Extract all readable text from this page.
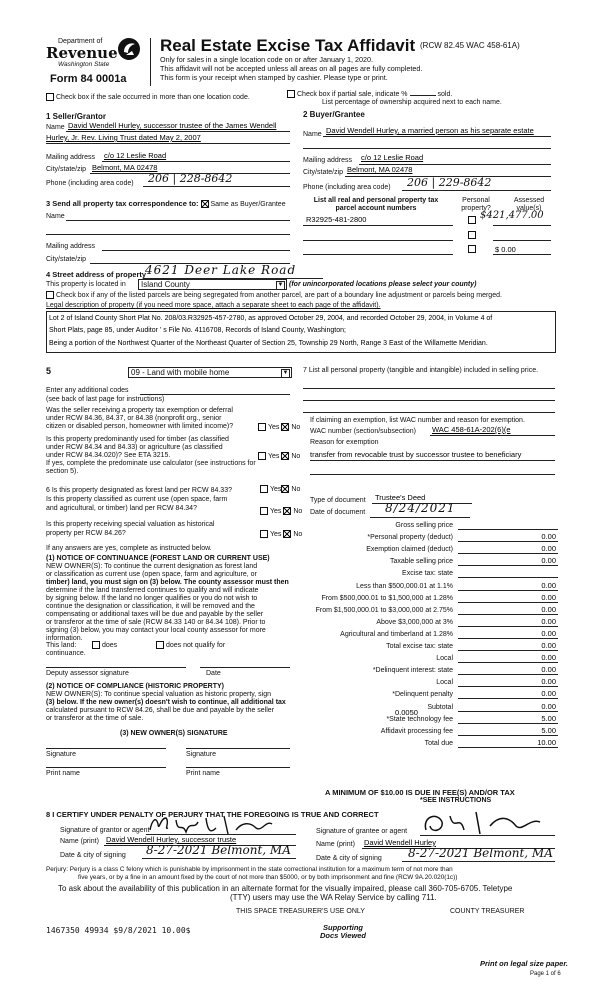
Department of
Revenue
Washington State
Form 84 0001a
Real Estate Excise Tax Affidavit (RCW 82.45 WAC 458-61A)
Only for sales in a single location code on or after January 1, 2020.
This affidavit will not be accepted unless all areas on all pages are fully completed.
This form is your receipt when stamped by cashier. Please type or print.
Check box if the sale occurred in more than one location code.	Check box if partial sale, indicate %	sold.
List percentage of ownership acquired next to each name.
1 Seller/Grantor
Name David Wendell Hurley, successor trustee of the James Wendell
Hurley, Jr. Rev. Living Trust dated May 2, 2007
Mailing address c/o 12 Leslie Road
City/state/zip Belmont, MA 02478
Phone (including area code) 206 | 228-8642
2 Buyer/Grantee
Name David Wendell Hurley, a married person as his separate estate
Mailing address c/o 12 Leslie Road
City/state/zip Belmont, MA 02478
Phone (including area code) 206 | 229-8642
3 Send all property tax correspondence to: Same as Buyer/Grantee
Name
Mailing address
City/state/zip
List all real and personal property tax parcel account numbers
Personal property?
Assessed value(s)
R32925-481-2800	$421,477.00
$ 0.00
4 Street address of property
4621 Deer Lake Road
This property is located in	Island County	▼ (for unincorporated locations please select your county)
Check box if any of the listed parcels are being segregated from another parcel, are part of a boundary line adjustment or parcels being merged.
Legal description of property (if you need more space, attach a separate sheet to each page of the affidavit).
Lot 2 of Island County Short Plat No. 208/03.R32925-457-2780, as approved October 29, 2004, and recorded October 29, 2004, in Volume 4 of
Short Plats, page 85, under Auditor ' s File No. 4116708, Records of Island County, Washington;
Being a portion of the Northwest Quarter of the Northeast Quarter of Section 25, Township 29 North, Range 3 East of the Willamette Meridian.
5	09 - Land with mobile home	▼
Enter any additional codes
(see back of last page for instructions)
Was the seller receiving a property tax exemption or deferral
under RCW 84.36, 84.37, or 84.38 (nonprofit org., senior
citizen or disabled person, homeowner with limited income)?	Yes No
Is this property predominantly used for timber (as classified
under RCW 84.34 and 84.33) or agriculture (as classified
under RCW 84.34.020)? See ETA 3215.	Yes No
If yes, complete the predominate use calculator (see instructions for
section 5).
6 Is this property designated as forest land per RCW 84.33?	Yes No
Is this property classified as current use (open space, farm
and agricultural, or timber) land per RCW 84.34?	Yes No
Is this property receiving special valuation as historical
property per RCW 84.26?	Yes No
If any answers are yes, complete as instructed below.
(1) NOTICE OF CONTINUANCE (FOREST LAND OR CURRENT USE)
NEW OWNER(S): To continue the current designation as forest land
or classification as current use (open space, farm and agriculture, or
timber) land, you must sign on (3) below. The county assessor must then
determine if the land transferred continues to qualify and will indicate
by signing below. If the land no longer qualifies or you do not wish to
continue the designation or classification, it will be removed and the
compensating or additional taxes will be due and payable by the seller
or transferor at the time of sale (RCW 84.33 140 or 84.34 108). Prior to
signing (3) below, you may contact your local county assessor for more
information.
This land:	does	does not qualify for
continuance.
Deputy assessor signature	Date
(2) NOTICE OF COMPLIANCE (HISTORIC PROPERTY)
NEW OWNER(S): To continue special valuation as historic property, sign
(3) below. If the new owner(s) doesn't wish to continue, all additional tax
calculated pursuant to RCW 84.26, shall be due and payable by the seller
or transferor at the time of sale.
(3) NEW OWNER(S) SIGNATURE
Signature	Signature
Print name	Print name
7 List all personal property (tangible and intangible) included in selling price.
If claiming an exemption, list WAC number and reason for exemption.
WAC number (section/subsection) WAC 458-61A-202(6)(e
Reason for exemption
transfer from revocable trust by successor trustee to beneficiary
Type of document Trustee's Deed
Date of document 8/24/2021
Gross selling price
*Personal property (deduct)	0.00
Exemption claimed (deduct)	0.00
Taxable selling price	0.00
Excise tax: state
Less than $500,000.01 at 1.1%	0.00
From $500,000.01 to $1,500,000 at 1.28%	0.00
From $1,500,000.01 to $3,000,000 at 2.75%	0.00
Above $3,000,000 at 3%	0.00
Agricultural and timberland at 1.28%	0.00
Total excise tax: state	0.00
Local	0.00
*Delinquent interest: state	0.00
Local	0.00
*Delinquent penalty	0.00
Subtotal	0.00
*State technology fee	5.00
Affidavit processing fee	5.00
Total due	10.00
0.0050
A MINIMUM OF $10.00 IS DUE IN FEE(S) AND/OR TAX
*SEE INSTRUCTIONS
8 I CERTIFY UNDER PENALTY OF PERJURY THAT THE FOREGOING IS TRUE AND CORRECT
Signature of grantor or agent
Name (print) David Wendell Hurley, successor truste
Date & city of signing 8-27-2021 Belmont, MA
Signature of grantee or agent
Name (print) David Wendell Hurley
Date & city of signing 8-27-2021 Belmont, MA
Perjury: Perjury is a class C felony which is punishable by imprisonment in the state correctional institution for a maximum term of not more than
five years, or by a fine in an amount fixed by the court of not more than $5000, or by both imprisonment and fine (RCW 9A.20.020(1c))
To ask about the availability of this publication in an alternate format for the visually impaired, please call 360-705-6705. Teletype
(TTY) users may use the WA Relay Service by calling 711.
THIS SPACE TREASURER'S USE ONLY	COUNTY TREASURER
1467350 49934 $9/8/2021 10.00$	Supporting
Docs Viewed
Print on legal size paper.
Page 1 of 6
